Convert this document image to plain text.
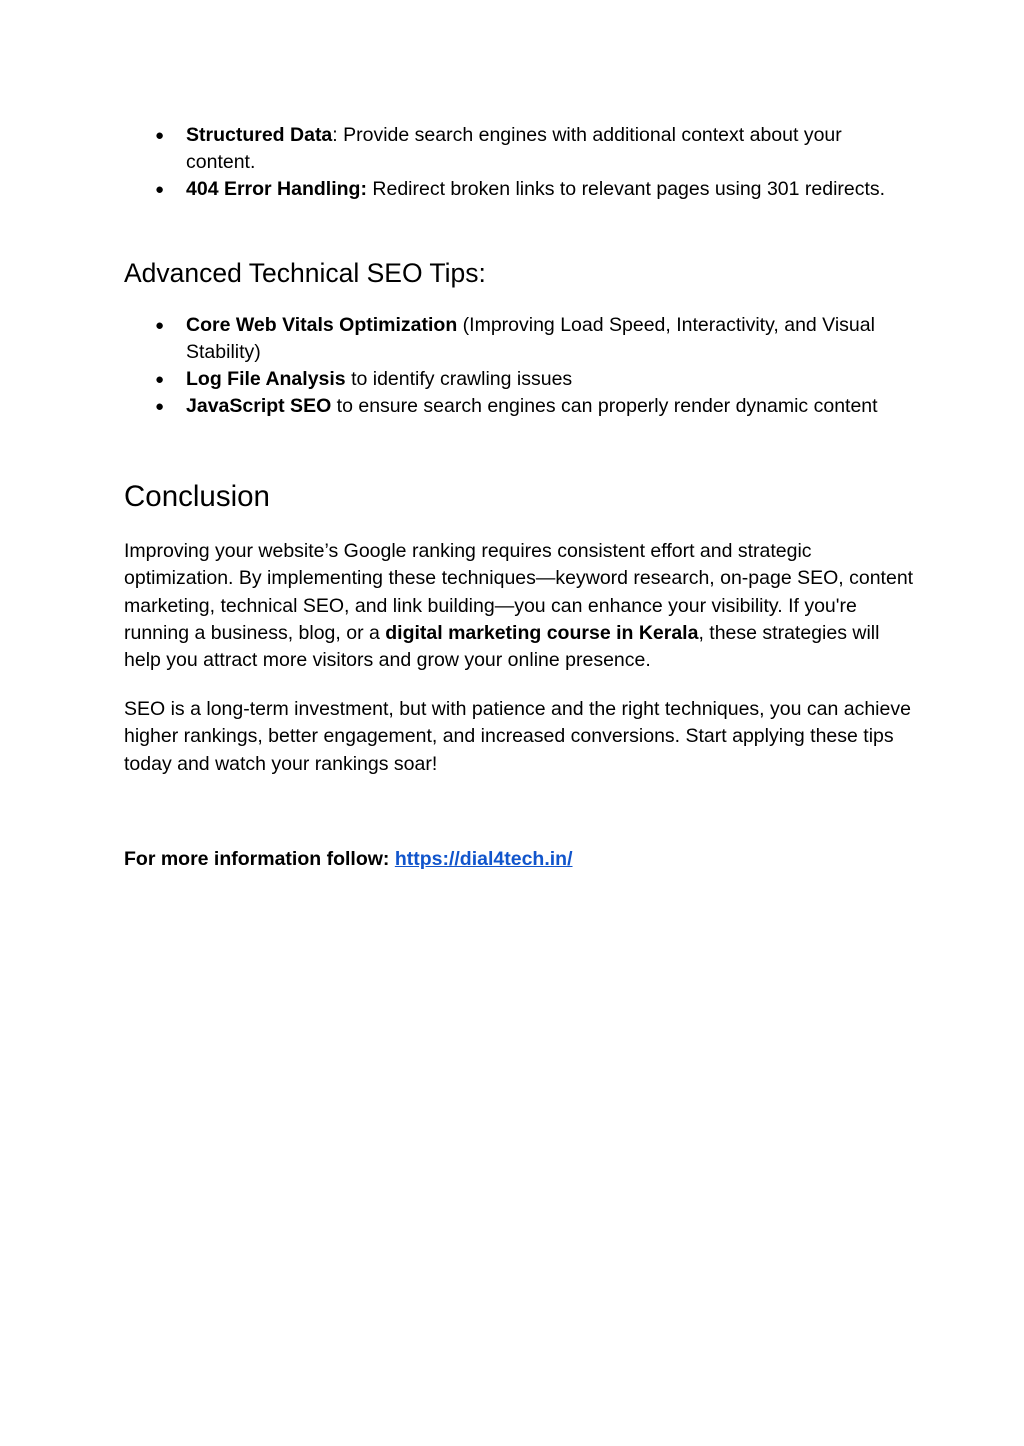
● Structured Data: Provide search engines with additional context about your content.
● 404 Error Handling: Redirect broken links to relevant pages using 301 redirects.
Advanced Technical SEO Tips:
● Core Web Vitals Optimization (Improving Load Speed, Interactivity, and Visual Stability)
● Log File Analysis to identify crawling issues
● JavaScript SEO to ensure search engines can properly render dynamic content
Conclusion

Improving your website’s Google ranking requires consistent effort and strategic optimization. By implementing these techniques—keyword research, on-page SEO, content marketing, technical SEO, and link building—you can enhance your visibility. If you're running a business, blog, or a digital marketing course in Kerala, these strategies will help you attract more visitors and grow your online presence.

SEO is a long-term investment, but with patience and the right techniques, you can achieve higher rankings, better engagement, and increased conversions. Start applying these tips today and watch your rankings soar!

For more information follow: https://dial4tech.in/
